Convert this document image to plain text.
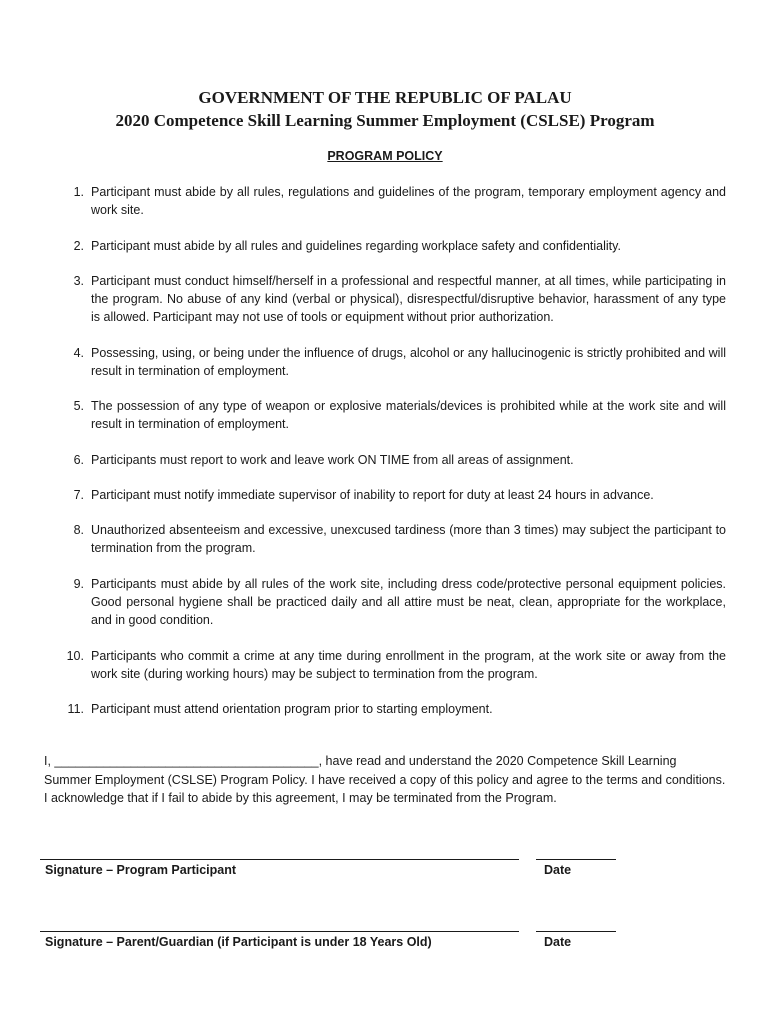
GOVERNMENT OF THE REPUBLIC OF PALAU
2020 Competence Skill Learning Summer Employment (CSLSE) Program
PROGRAM POLICY
1. Participant must abide by all rules, regulations and guidelines of the program, temporary employment agency and work site.
2. Participant must abide by all rules and guidelines regarding workplace safety and confidentiality.
3. Participant must conduct himself/herself in a professional and respectful manner, at all times, while participating in the program. No abuse of any kind (verbal or physical), disrespectful/disruptive behavior, harassment of any type is allowed. Participant may not use of tools or equipment without prior authorization.
4. Possessing, using, or being under the influence of drugs, alcohol or any hallucinogenic is strictly prohibited and will result in termination of employment.
5. The possession of any type of weapon or explosive materials/devices is prohibited while at the work site and will result in termination of employment.
6. Participants must report to work and leave work ON TIME from all areas of assignment.
7. Participant must notify immediate supervisor of inability to report for duty at least 24 hours in advance.
8. Unauthorized absenteeism and excessive, unexcused tardiness (more than 3 times) may subject the participant to termination from the program.
9. Participants must abide by all rules of the work site, including dress code/protective personal equipment policies. Good personal hygiene shall be practiced daily and all attire must be neat, clean, appropriate for the workplace, and in good condition.
10. Participants who commit a crime at any time during enrollment in the program, at the work site or away from the work site (during working hours) may be subject to termination from the program.
11. Participant must attend orientation program prior to starting employment.

I, ______________________________________, have read and understand the 2020 Competence Skill Learning Summer Employment (CSLSE) Program Policy. I have received a copy of this policy and agree to the terms and conditions. I acknowledge that if I fail to abide by this agreement, I may be terminated from the Program.

Signature – Program Participant	Date

Signature – Parent/Guardian (if Participant is under 18 Years Old)	Date
